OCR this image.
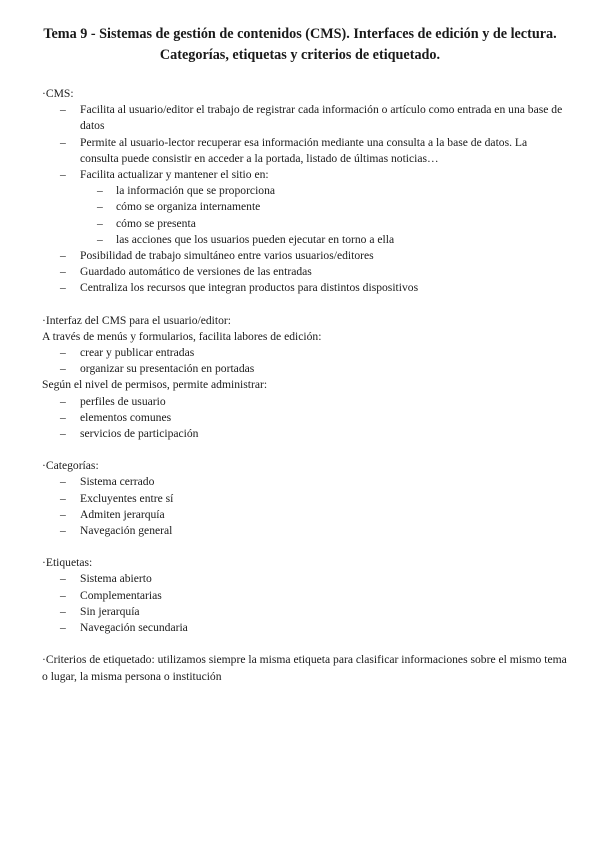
Tema 9 - Sistemas de gestión de contenidos (CMS). Interfaces de edición y de lectura. Categorías, etiquetas y criterios de etiquetado.

·CMS:

– Facilita al usuario/editor el trabajo de registrar cada información o artículo como entrada en una base de datos
– Permite al usuario-lector recuperar esa información mediante una consulta a la base de datos. La consulta puede consistir en acceder a la portada, listado de últimas noticias…
– Facilita actualizar y mantener el sitio en:
– la información que se proporciona
– cómo se organiza internamente
– cómo se presenta
– las acciones que los usuarios pueden ejecutar en torno a ella
– Posibilidad de trabajo simultáneo entre varios usuarios/editores
– Guardado automático de versiones de las entradas
– Centraliza los recursos que integran productos para distintos dispositivos

·Interfaz del CMS para el usuario/editor:

A través de menús y formularios, facilita labores de edición:

– crear y publicar entradas
– organizar su presentación en portadas

Según el nivel de permisos, permite administrar:

– perfiles de usuario
– elementos comunes
– servicios de participación

·Categorías:

– Sistema cerrado
– Excluyentes entre sí
– Admiten jerarquía
– Navegación general

·Etiquetas:

– Sistema abierto
– Complementarias
– Sin jerarquía
– Navegación secundaria

·Criterios de etiquetado: utilizamos siempre la misma etiqueta para clasificar informaciones sobre el mismo tema o lugar, la misma persona o institución
